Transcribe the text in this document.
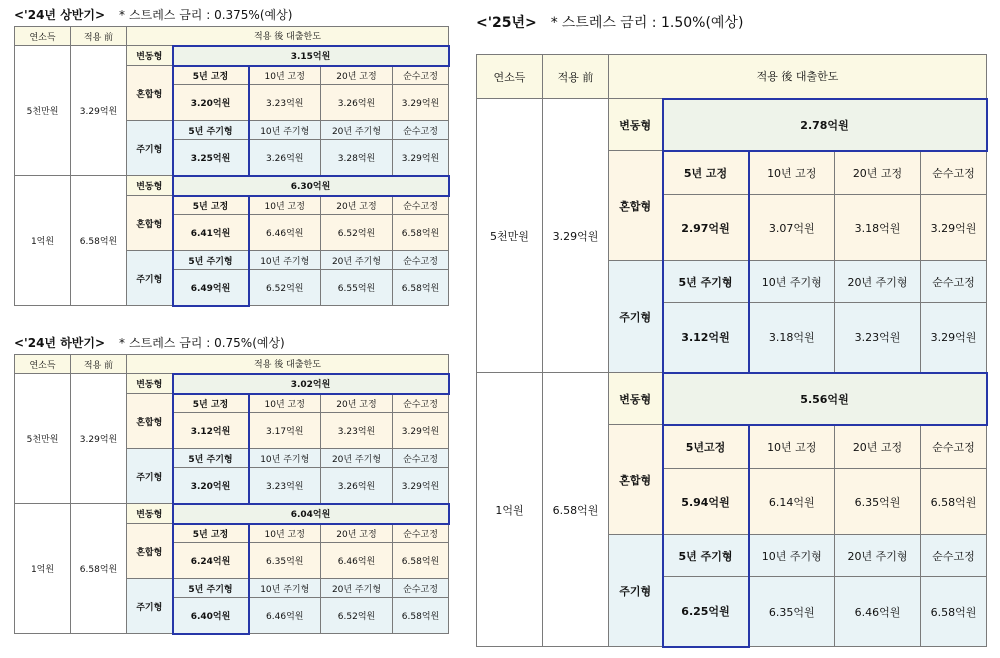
<'24년 상반기> * 스트레스 금리 : 0.375%(예상)
연소득	적용 前	적용 後 대출한도				
5천만원	3.29억원	변동형	3.15억원			
		혼합형	5년 고정	10년 고정	20년 고정	순수고정
			3.20억원	3.23억원	3.26억원	3.29억원
		주기형	5년 주기형	10년 주기형	20년 주기형	순수고정
			3.25억원	3.26억원	3.28억원	3.29억원
1억원	6.58억원	변동형	6.30억원			
		혼합형	5년 고정	10년 고정	20년 고정	순수고정
			6.41억원	6.46억원	6.52억원	6.58억원
		주기형	5년 주기형	10년 주기형	20년 주기형	순수고정
			6.49억원	6.52억원	6.55억원	6.58억원
<'24년 하반기> * 스트레스 금리 : 0.75%(예상)
연소득	적용 前	적용 後 대출한도				
5천만원	3.29억원	변동형	3.02억원			
		혼합형	5년 고정	10년 고정	20년 고정	순수고정
			3.12억원	3.17억원	3.23억원	3.29억원
		주기형	5년 주기형	10년 주기형	20년 주기형	순수고정
			3.20억원	3.23억원	3.26억원	3.29억원
1억원	6.58억원	변동형	6.04억원			
		혼합형	5년 고정	10년 고정	20년 고정	순수고정
			6.24억원	6.35억원	6.46억원	6.58억원
		주기형	5년 주기형	10년 주기형	20년 주기형	순수고정
			6.40억원	6.46억원	6.52억원	6.58억원
<'25년> * 스트레스 금리 : 1.50%(예상)
연소득	적용 前	적용 後 대출한도				
5천만원	3.29억원	변동형	2.78억원			
		혼합형	5년 고정	10년 고정	20년 고정	순수고정
			2.97억원	3.07억원	3.18억원	3.29억원
		주기형	5년 주기형	10년 주기형	20년 주기형	순수고정
			3.12억원	3.18억원	3.23억원	3.29억원
1억원	6.58억원	변동형	5.56억원			
		혼합형	5년고정	10년 고정	20년 고정	순수고정
			5.94억원	6.14억원	6.35억원	6.58억원
		주기형	5년 주기형	10년 주기형	20년 주기형	순수고정
			6.25억원	6.35억원	6.46억원	6.58억원
